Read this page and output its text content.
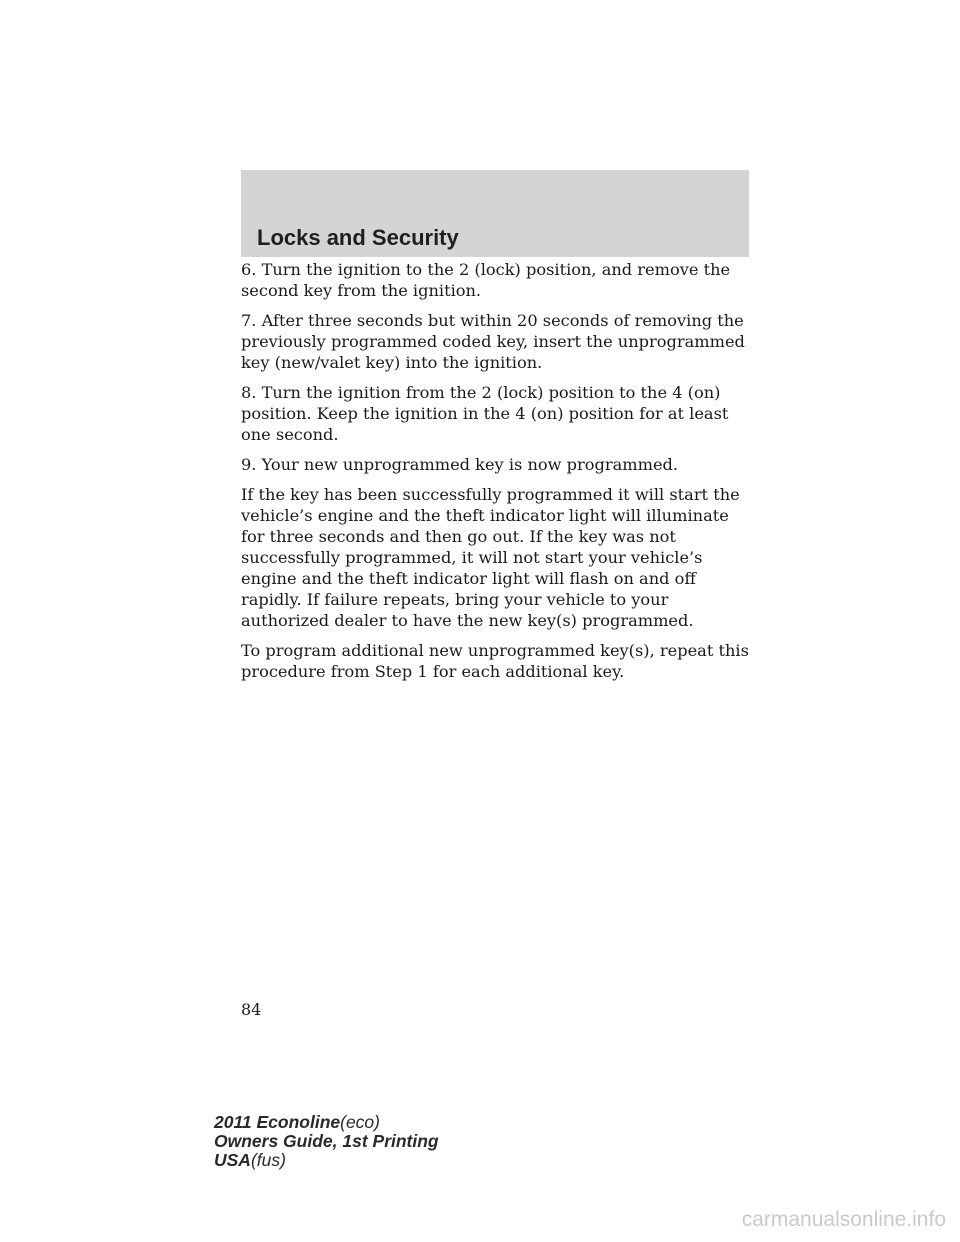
Locks and Security

6. Turn the ignition to the 2 (lock) position, and remove the second key from the ignition.

7. After three seconds but within 20 seconds of removing the previously programmed coded key, insert the unprogrammed key (new/valet key) into the ignition.

8. Turn the ignition from the 2 (lock) position to the 4 (on) position. Keep the ignition in the 4 (on) position for at least one second.

9. Your new unprogrammed key is now programmed.

If the key has been successfully programmed it will start the vehicle’s engine and the theft indicator light will illuminate for three seconds and then go out. If the key was not successfully programmed, it will not start your vehicle’s engine and the theft indicator light will flash on and off rapidly. If failure repeats, bring your vehicle to your authorized dealer to have the new key(s) programmed.

To program additional new unprogrammed key(s), repeat this procedure from Step 1 for each additional key.

84

2011 Econoline(eco)
Owners Guide, 1st Printing
USA(fus)
carmanualsonline.info
